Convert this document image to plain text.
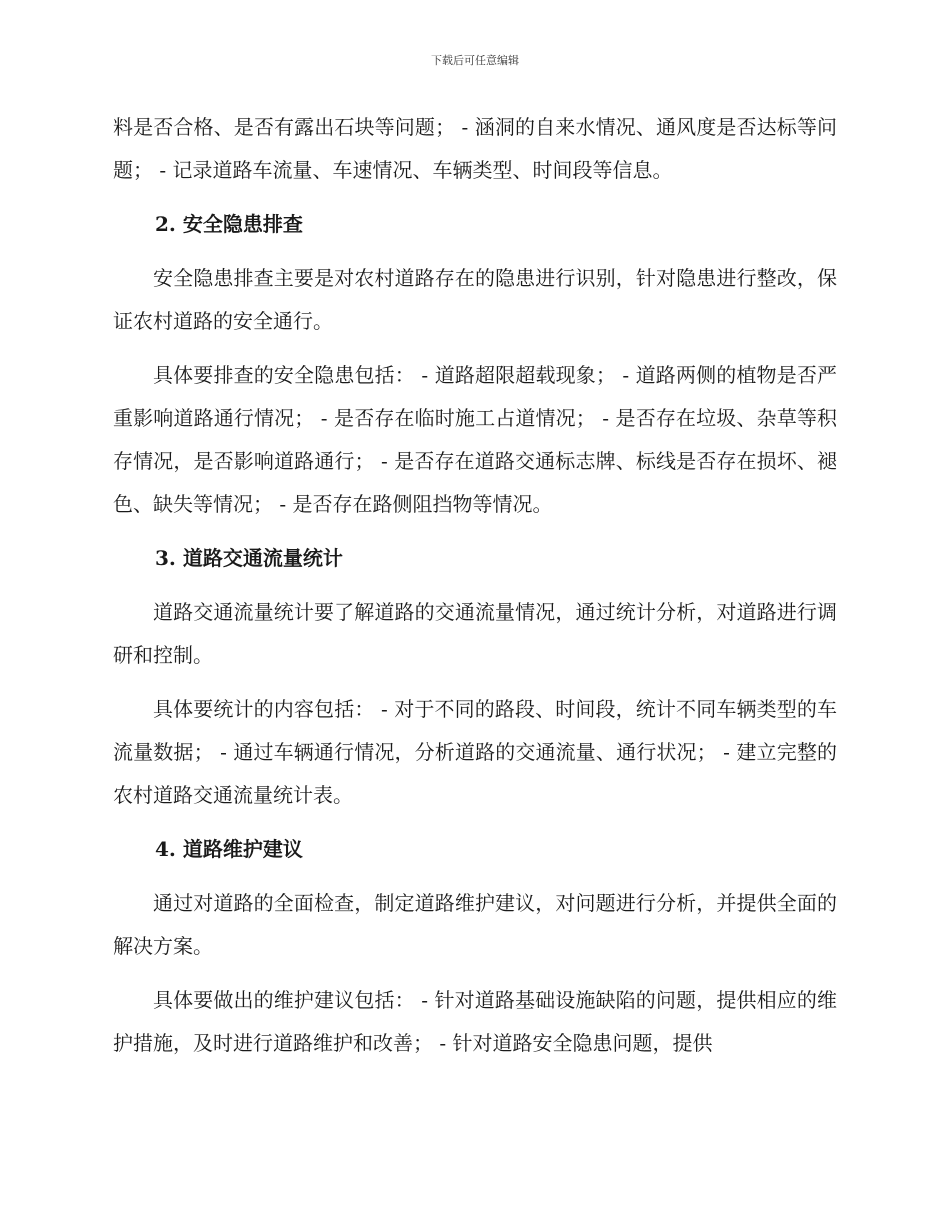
下载后可任意编辑

料是否合格、是否有露出石块等问题； - 涵洞的自来水情况、通风度是否达标等问题； - 记录道路车流量、车速情况、车辆类型、时间段等信息。

2. 安全隐患排查

安全隐患排查主要是对农村道路存在的隐患进行识别，针对隐患进行整改，保证农村道路的安全通行。

具体要排查的安全隐患包括： - 道路超限超载现象； - 道路两侧的植物是否严重影响道路通行情况； - 是否存在临时施工占道情况； - 是否存在垃圾、杂草等积存情况，是否影响道路通行； - 是否存在道路交通标志牌、标线是否存在损坏、褪色、缺失等情况； - 是否存在路侧阻挡物等情况。

3. 道路交通流量统计

道路交通流量统计要了解道路的交通流量情况，通过统计分析，对道路进行调研和控制。

具体要统计的内容包括： - 对于不同的路段、时间段，统计不同车辆类型的车流量数据； - 通过车辆通行情况，分析道路的交通流量、通行状况； - 建立完整的农村道路交通流量统计表。

4. 道路维护建议

通过对道路的全面检查，制定道路维护建议，对问题进行分析，并提供全面的解决方案。

具体要做出的维护建议包括： - 针对道路基础设施缺陷的问题，提供相应的维护措施，及时进行道路维护和改善； - 针对道路安全隐患问题，提供
